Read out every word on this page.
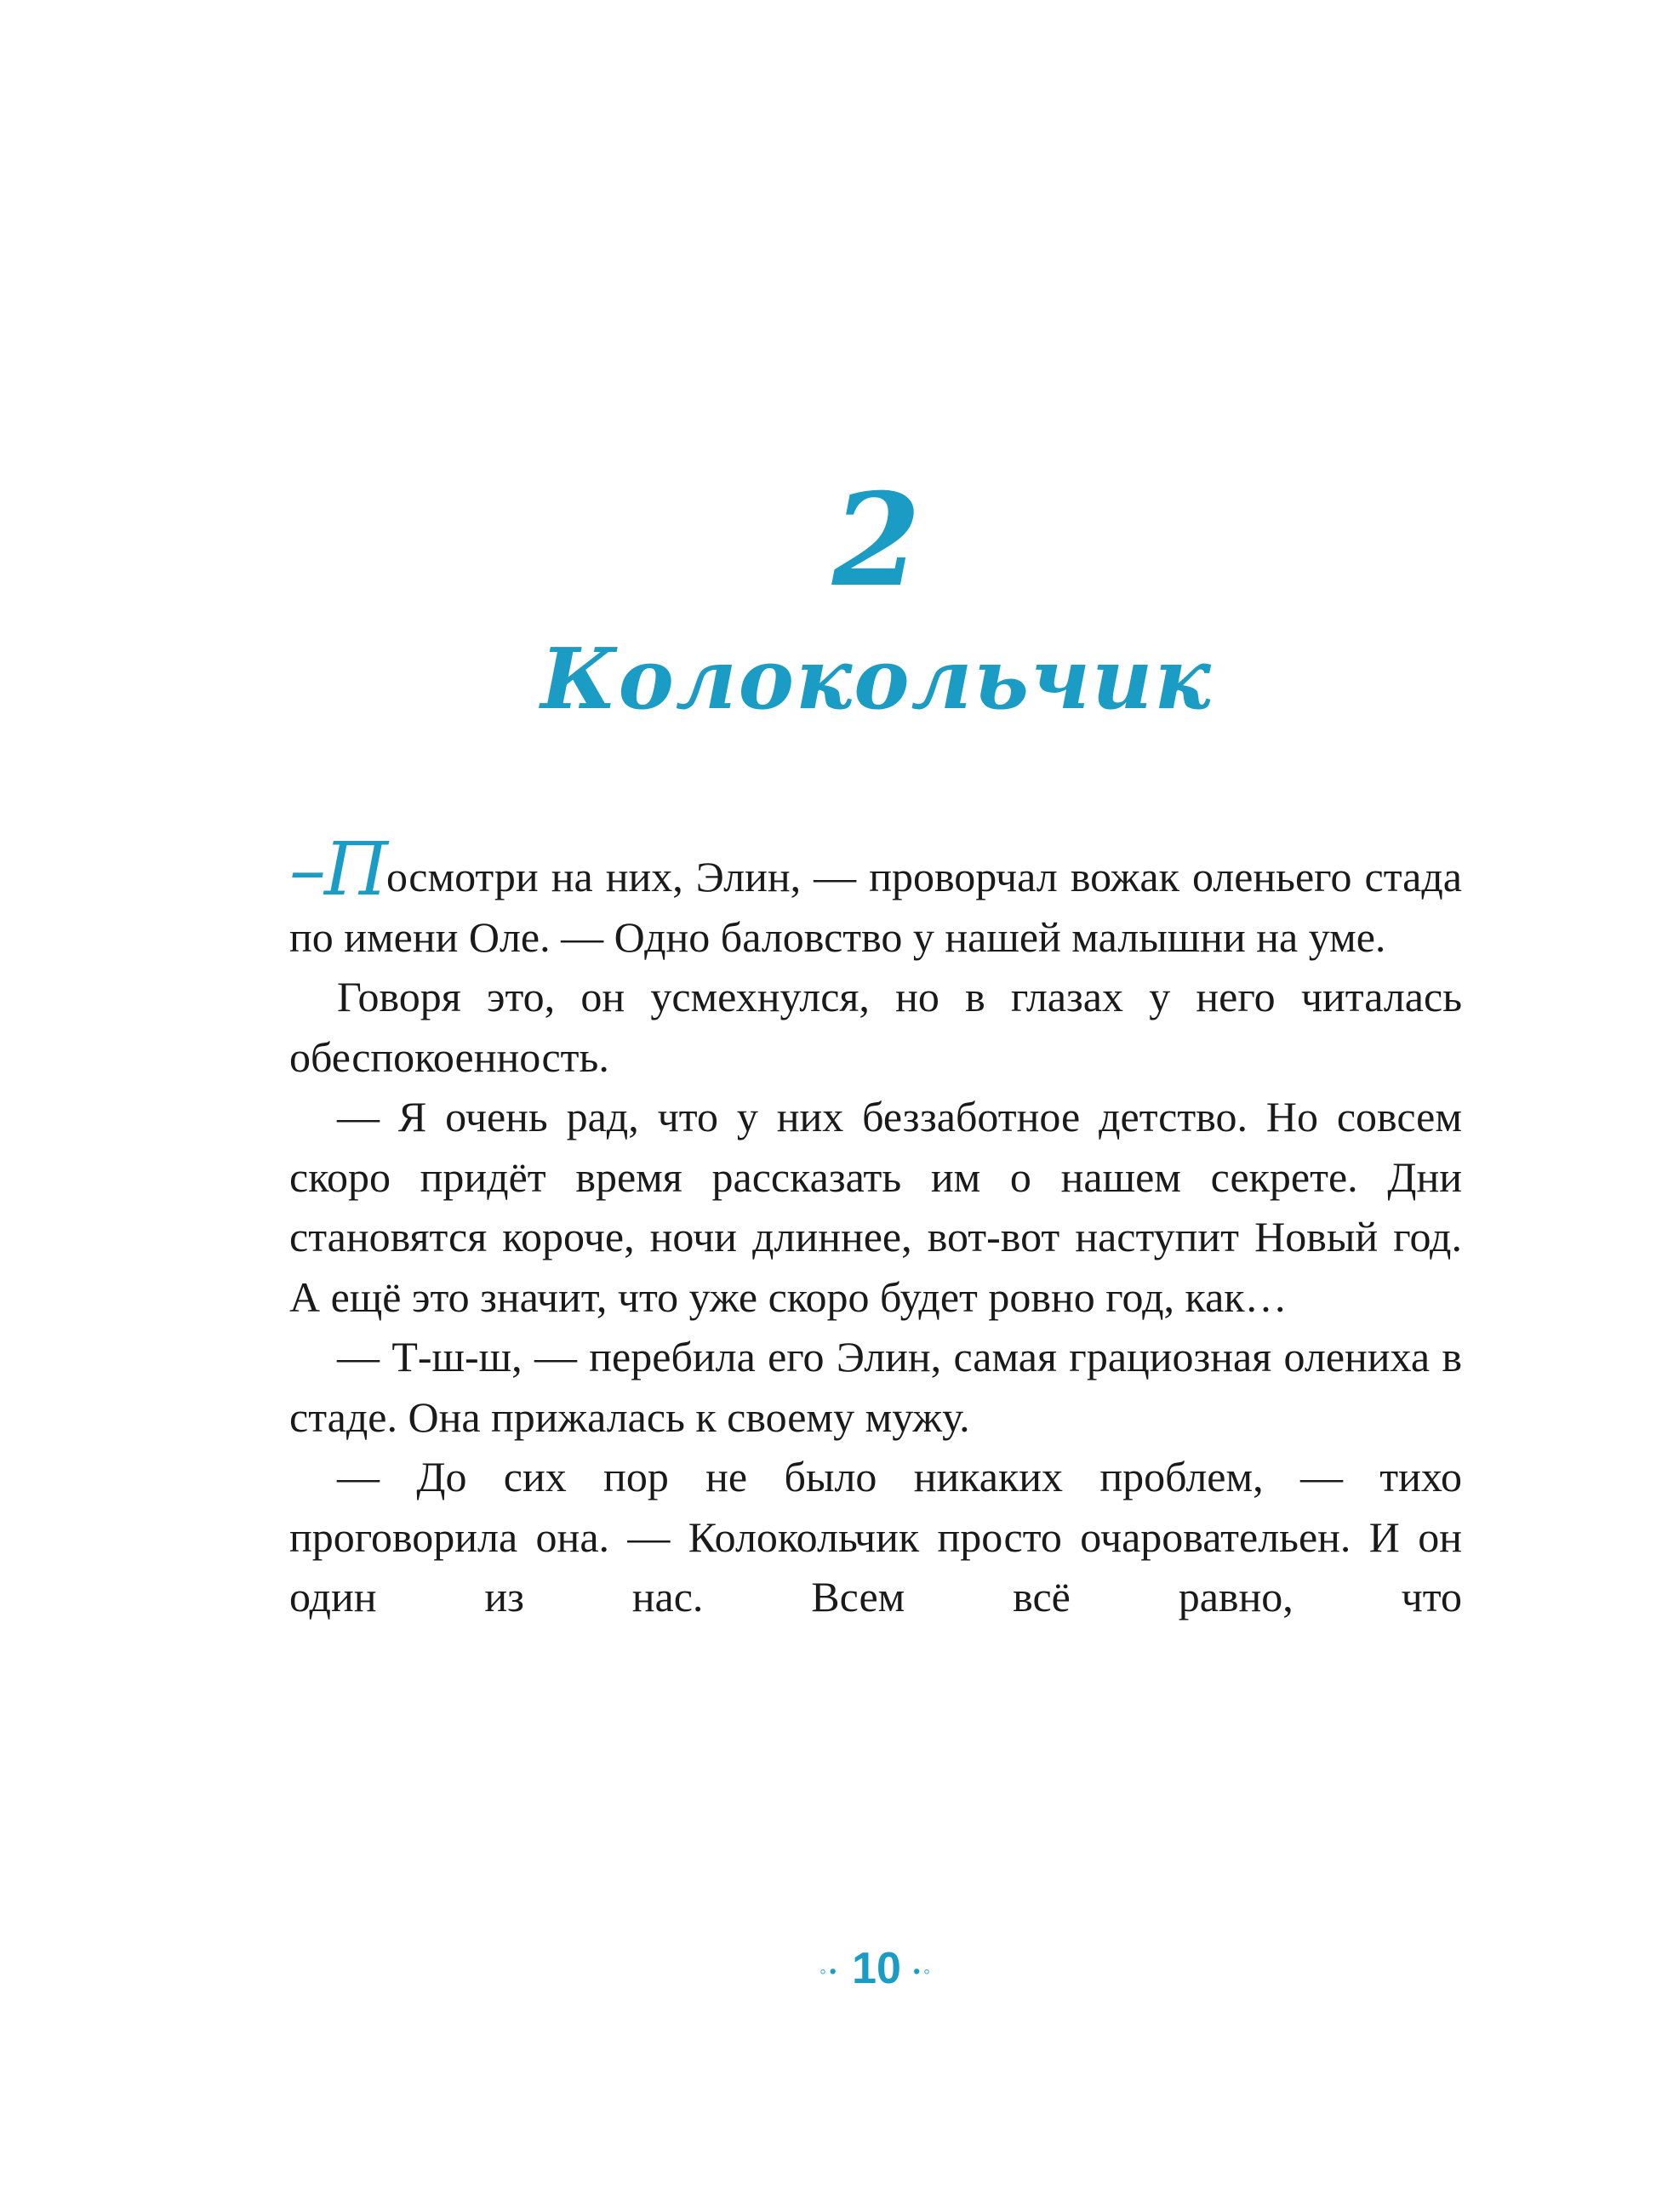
2
Колокольчик

–Посмотри на них, Элин, — проворчал вожак оленьего стада по имени Оле. — Одно баловство у нашей малышни на уме.

Говоря это, он усмехнулся, но в глазах у него читалась обеспокоенность.

— Я очень рад, что у них беззаботное детство. Но совсем скоро придёт время рассказать им о нашем секрете. Дни становятся короче, ночи длиннее, вот-вот наступит Новый год. А ещё это значит, что уже скоро будет ровно год, как…

— Т-ш-ш, — перебила его Элин, самая грациозная олениха в стаде. Она прижалась к своему мужу.

— До сих пор не было никаких проблем, — тихо проговорила она. — Колокольчик просто очаровательен. И он один из нас. Всем всё равно, что

◦• 10 •◦
